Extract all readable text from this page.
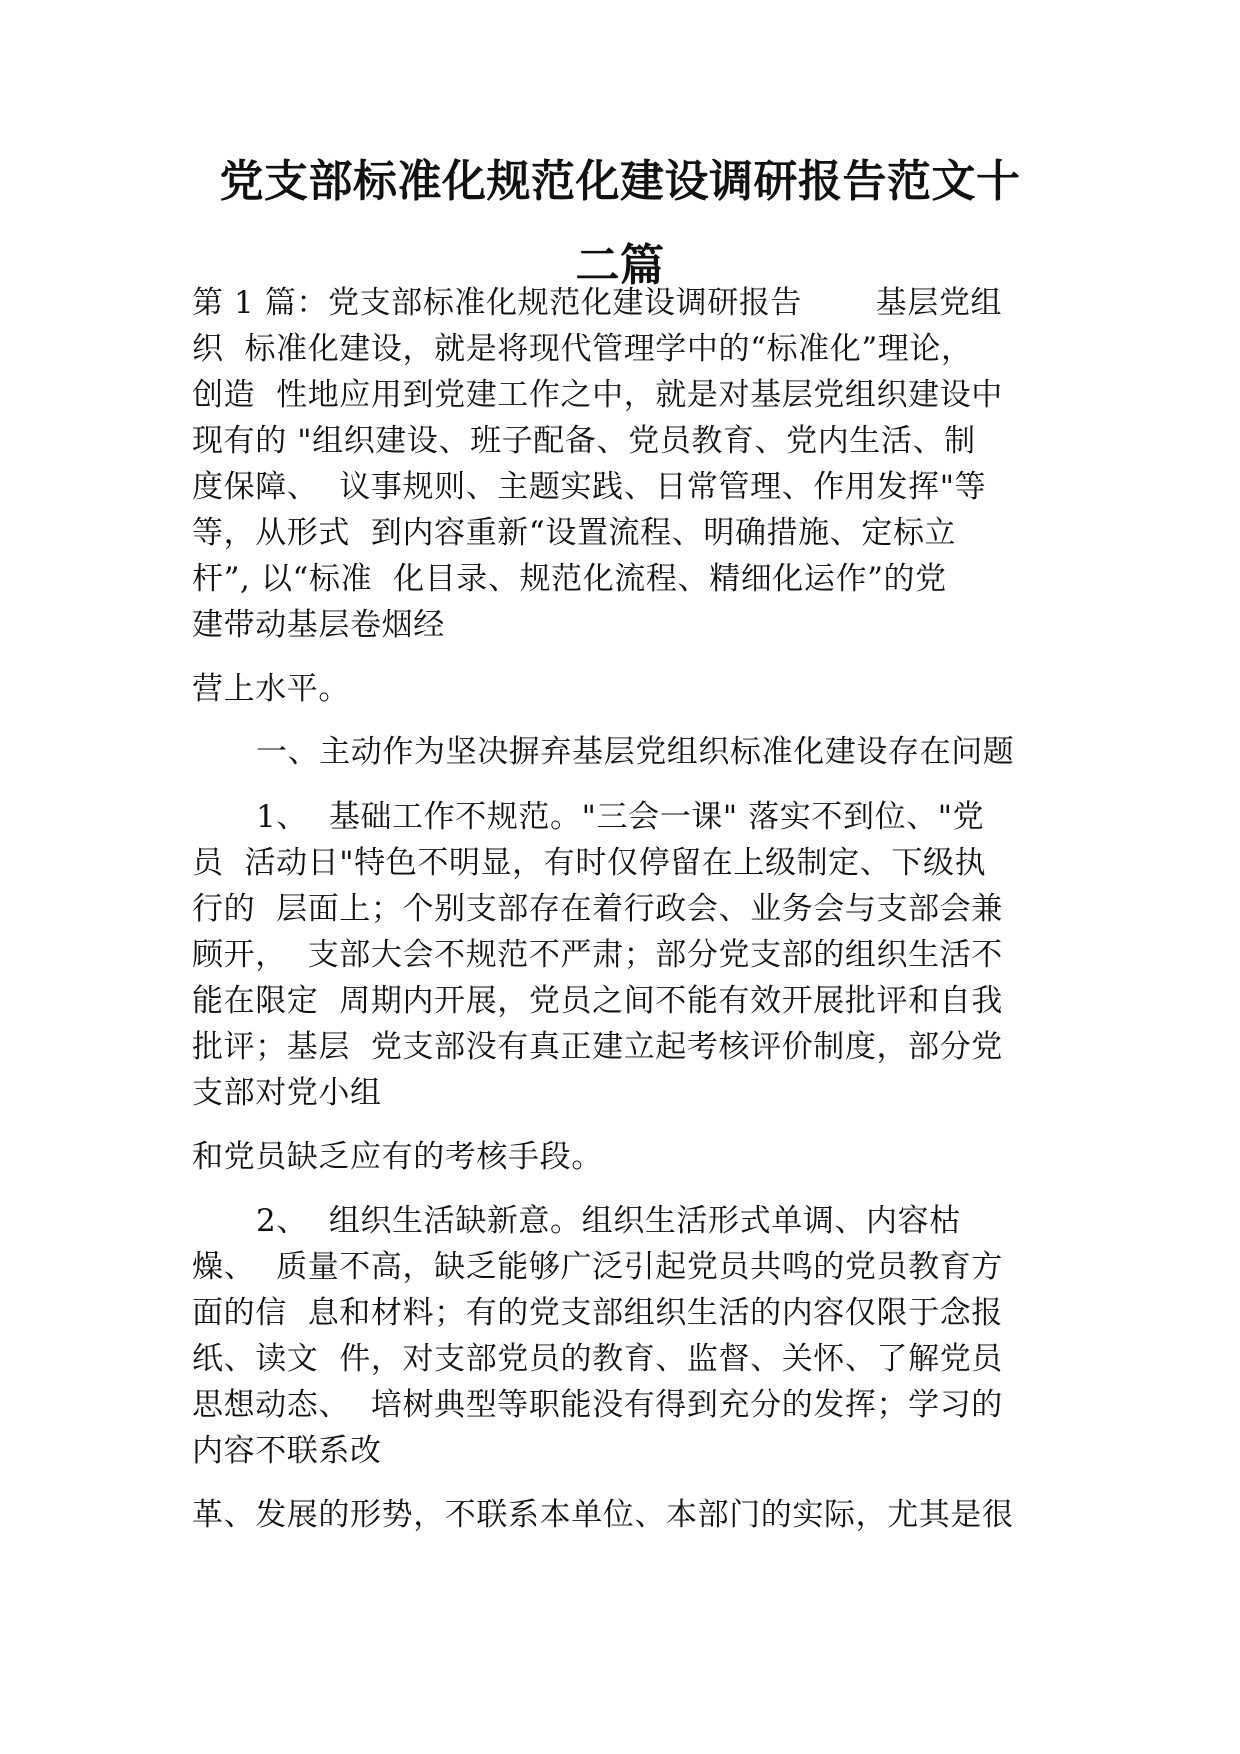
党支部标准化规范化建设调研报告范文十
二篇

第 1 篇：党支部标准化规范化建设调研报告　　 基层党组

织  标准化建设，就是将现代管理学中的“标准化”理论，

创造  性地应用到党建工作之中，就是对基层党组织建设中

现有的 "组织建设、班子配备、党员教育、党内生活、制

度保障、  议事规则、主题实践、日常管理、作用发挥"等

等，从形式  到内容重新“设置流程、明确措施、定标立

杆”, 以“标准  化目录、规范化流程、精细化运作”的党

建带动基层卷烟经

营上水平。

一、主动作为坚决摒弃基层党组织标准化建设存在问题

1、  基础工作不规范。"三会一课" 落实不到位、"党

员  活动日"特色不明显，有时仅停留在上级制定、下级执

行的  层面上；个别支部存在着行政会、业务会与支部会兼

顾开，  支部大会不规范不严肃；部分党支部的组织生活不

能在限定  周期内开展，党员之间不能有效开展批评和自我

批评；基层  党支部没有真正建立起考核评价制度，部分党

支部对党小组

和党员缺乏应有的考核手段。

2、  组织生活缺新意。组织生活形式单调、内容枯

燥、  质量不高，缺乏能够广泛引起党员共鸣的党员教育方

面的信  息和材料；有的党支部组织生活的内容仅限于念报

纸、读文  件，对支部党员的教育、监督、关怀、了解党员

思想动态、  培树典型等职能没有得到充分的发挥；学习的

内容不联系改

革、发展的形势，不联系本单位、本部门的实际，尤其是很
